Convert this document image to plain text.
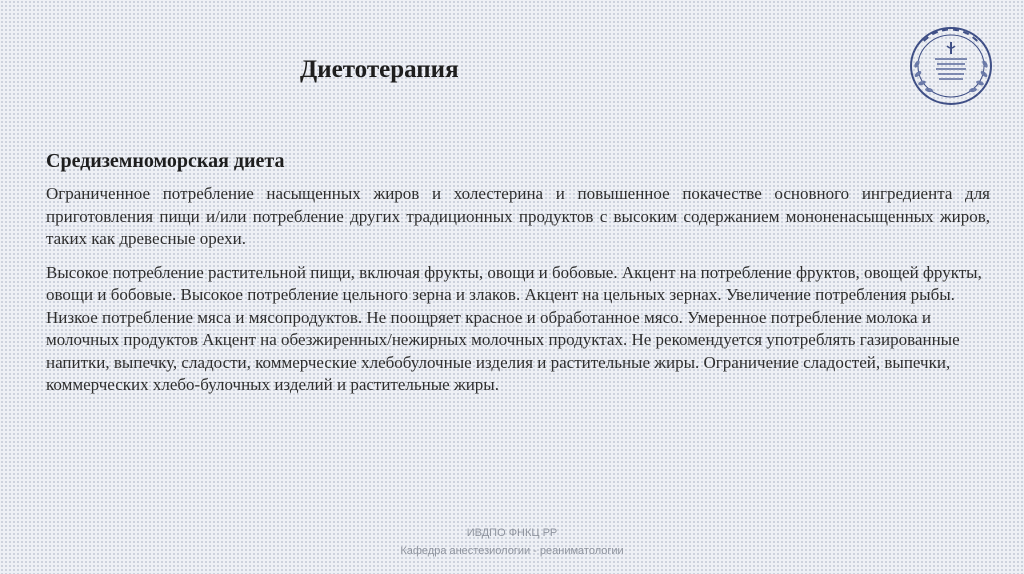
Диетотерапия
Средиземноморская диета

Ограниченное потребление насыщенных жиров и холестерина и повышенное покачестве основного ингредиента для приготовления пищи и/или потребление других традиционных продуктов с высоким содержанием мононенасыщенных жиров, таких как древесные орехи.

Высокое потребление растительной пищи, включая фрукты, овощи и бобовые. Акцент на потребление фруктов, овощей фрукты, овощи и бобовые. Высокое потребление цельного зерна и злаков. Акцент на цельных зернах. Увеличение потребления рыбы. Низкое потребление мяса и мясопродуктов. Не поощряет красное и обработанное мясо. Умеренное потребление молока и молочных продуктов Акцент на обезжиренных/нежирных молочных продуктах. Не рекомендуется употреблять газированные напитки, выпечку, сладости, коммерческие хлебобулочные изделия и растительные жиры. Ограничение сладостей, выпечки, коммерческих хлебо-булочных изделий и растительные жиры.

ИВДПО ФНКЦ РР
Кафедра анестезиологии - реаниматологии
